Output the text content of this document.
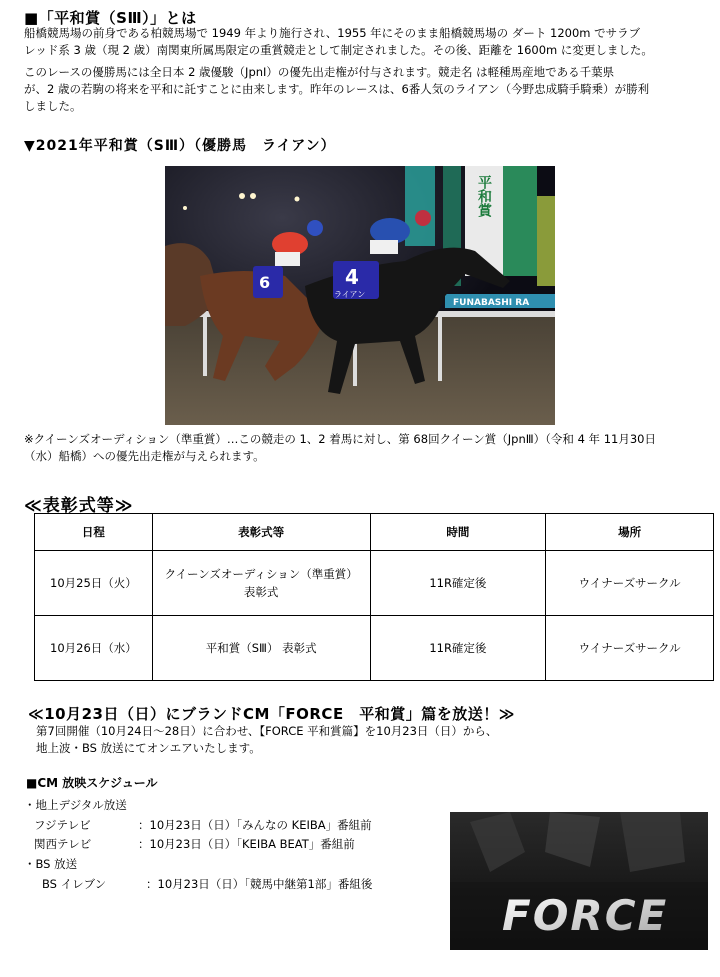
■「平和賞（SⅢ）」とは
船橋競馬場の前身である柏競馬場で 1949 年より施行され、1955 年にそのまま船橋競馬場の ダート 1200m でサラブ
レッド系 3 歳（現 2 歳）南関東所属馬限定の重賞競走として制定されました。その後、距離を 1600m に変更しました。
このレースの優勝馬には全日本 2 歳優駿（JpnⅠ）の優先出走権が付与されます。競走名 は軽種馬産地である千葉県
が、2 歳の若駒の将来を平和に託すことに由来します。昨年のレースは、6番人気のライアン（今野忠成騎手騎乗）が勝利
しました。
▼2021年平和賞（SⅢ）（優勝馬　ライアン）
平和賞
FUNABASHI RA
4
ライアン
6
※クイーンズオーディション（準重賞）…この競走の 1、2 着馬に対し、第 68回クイーン賞（JpnⅢ）（令和 4 年 11月30日
（水）船橋）への優先出走権が与えられます。
≪表彰式等≫
日程	表彰式等	時間	場所
10月25日（火）	クイーンズオーディション（準重賞）
表彰式	11R確定後	ウイナーズサークル
10月26日（水）	平和賞（SⅢ） 表彰式	11R確定後	ウイナーズサークル
≪10月23日（日）にブランドCM「FORCE　平和賞」篇を放送！≫
第7回開催（10月24日～28日）に合わせ、【FORCE 平和賞篇】を10月23日（日）から、
地上波・BS 放送にてオンエアいたします。
■CM 放映スケジュール
・地上デジタル放送
フジテレビ	：10月23日（日）「みんなの KEIBA」番組前
関西テレビ	：10月23日（日）「KEIBA BEAT」番組前
・BS 放送
BS イレブン	：10月23日（日）「競馬中継第1部」番組後
FORCE
